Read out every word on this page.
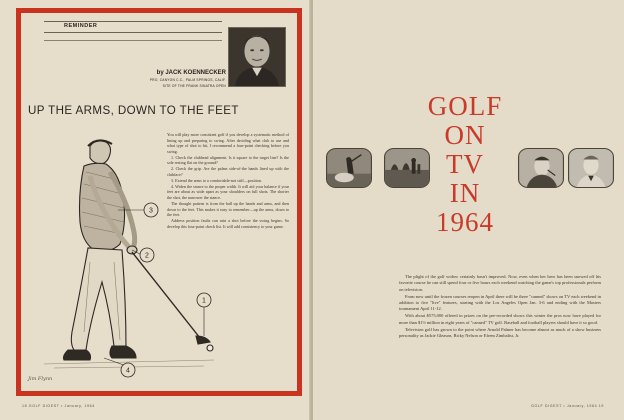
REMINDER
by JACK KOENNECKER
PRO, CANYON C.C., PALM SPRINGS, CALIF.
SITE OF THE FRANK SINATRA OPEN
UP THE ARMS, DOWN TO THE FEET
3
2
1
4

You will play more consistent golf if you develop a systematic method of lining up and preparing to swing. After deciding what club to use and what type of shot to hit, I recommend a four-point checking before you swing.

1. Check the clubhead alignment. Is it square to the target line? Is the sole resting flat on the ground?

2. Check the grip. Are the palms side-of-the hands lined up with the clubface?

3. Extend the arms to a comfortable-not stiff—position.

4. Widen the stance to the proper width. It will aid your balance if your feet are about as wide apart as your shoulders on full shots. The shorter the shot, the narrower the stance.

The thought pattern is from the ball up the hands and arms, and then down to the feet. This makes it easy to remember—up the arms, down to the feet.

Address position faults can ruin a shot before the swing begins. So develop this four-point check list. It will add consistency to your game.

Jim Flynn
18 GOLF DIGEST • January, 1964
GOLF
ON
TV
IN
1964

The plight of the golf widow certainly hasn't improved. Now, even when her hero has been snowed off his favorite course he can still spend four or five hours each weekend watching the game's top professionals perform on television.

From now until the frozen courses reopen in April there will be three "canned" shows on TV each weekend in addition to five "live" features, starting with the Los Angeles Open Jan. 3-6 and ending with the Masters tournament April 11-12.

With about $575,000 offered in prizes on the pre-recorded shows this winter the pros now have played for more than $1½ million in eight years of "canned" TV golf. Baseball and football players should have it so good.

Television golf has grown to the point where Arnold Palmer has become almost as much of a show business personality as Jackie Gleason, Ricky Nelson or Efrem Zimbalist, Jr.

GOLF DIGEST • January, 1964 19
